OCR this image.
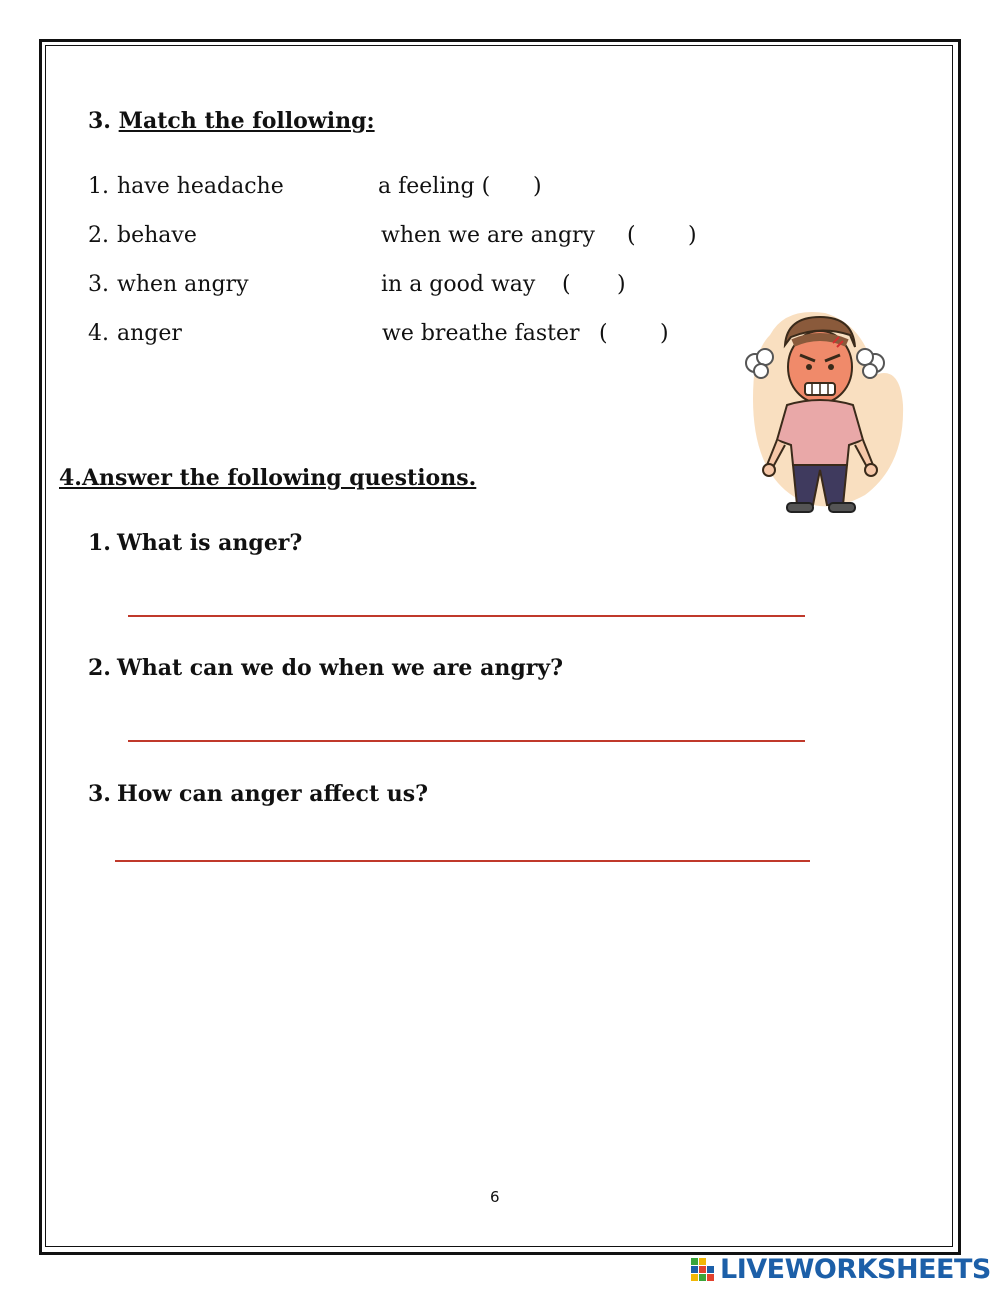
3. Match the following:
1. have headache	a feeling ( )
2. behave	when we are angry ( )
3. when angry	in a good way ( )
4. anger	we breathe faster ( )
4.Answer the following questions.
1. What is anger?
2. What can we do when we are angry?
3. How can anger affect us?
6
LIVEWORKSHEETS
